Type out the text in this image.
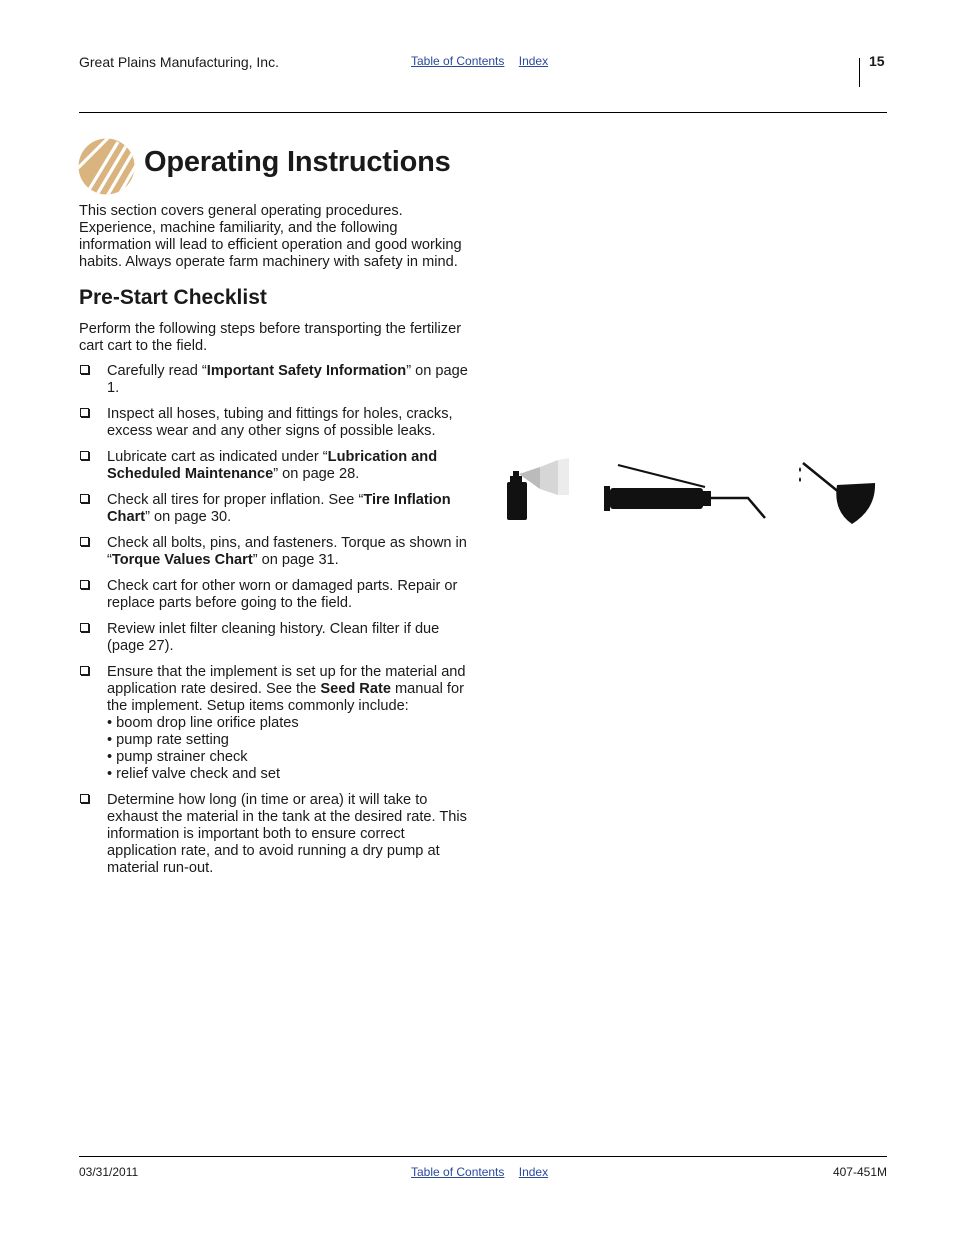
Great Plains Manufacturing, Inc.	Table of Contents Index	15
Operating Instructions
This section covers general operating procedures. Experience, machine familiarity, and the following information will lead to efficient operation and good working habits. Always operate farm machinery with safety in mind.
Pre-Start Checklist
Perform the following steps before transporting the fertilizer cart cart to the field.
Carefully read “Important Safety Information” on page 1.
Inspect all hoses, tubing and fittings for holes, cracks, excess wear and any other signs of possible leaks.
Lubricate cart as indicated under “Lubrication and Scheduled Maintenance” on page 28.
Check all tires for proper inflation. See “Tire Inflation Chart” on page 30.
Check all bolts, pins, and fasteners. Torque as shown in “Torque Values Chart” on page 31.
Check cart for other worn or damaged parts. Repair or replace parts before going to the field.
Review inlet filter cleaning history. Clean filter if due (page 27).
Ensure that the implement is set up for the material and application rate desired. See the Seed Rate manual for the implement. Setup items commonly include:
• boom drop line orifice plates
• pump rate setting
• pump strainer check
• relief valve check and set
Determine how long (in time or area) it will take to exhaust the material in the tank at the desired rate. This information is important both to ensure correct application rate, and to avoid running a dry pump at material run-out.
03/31/2011	Table of Contents Index	407-451M
